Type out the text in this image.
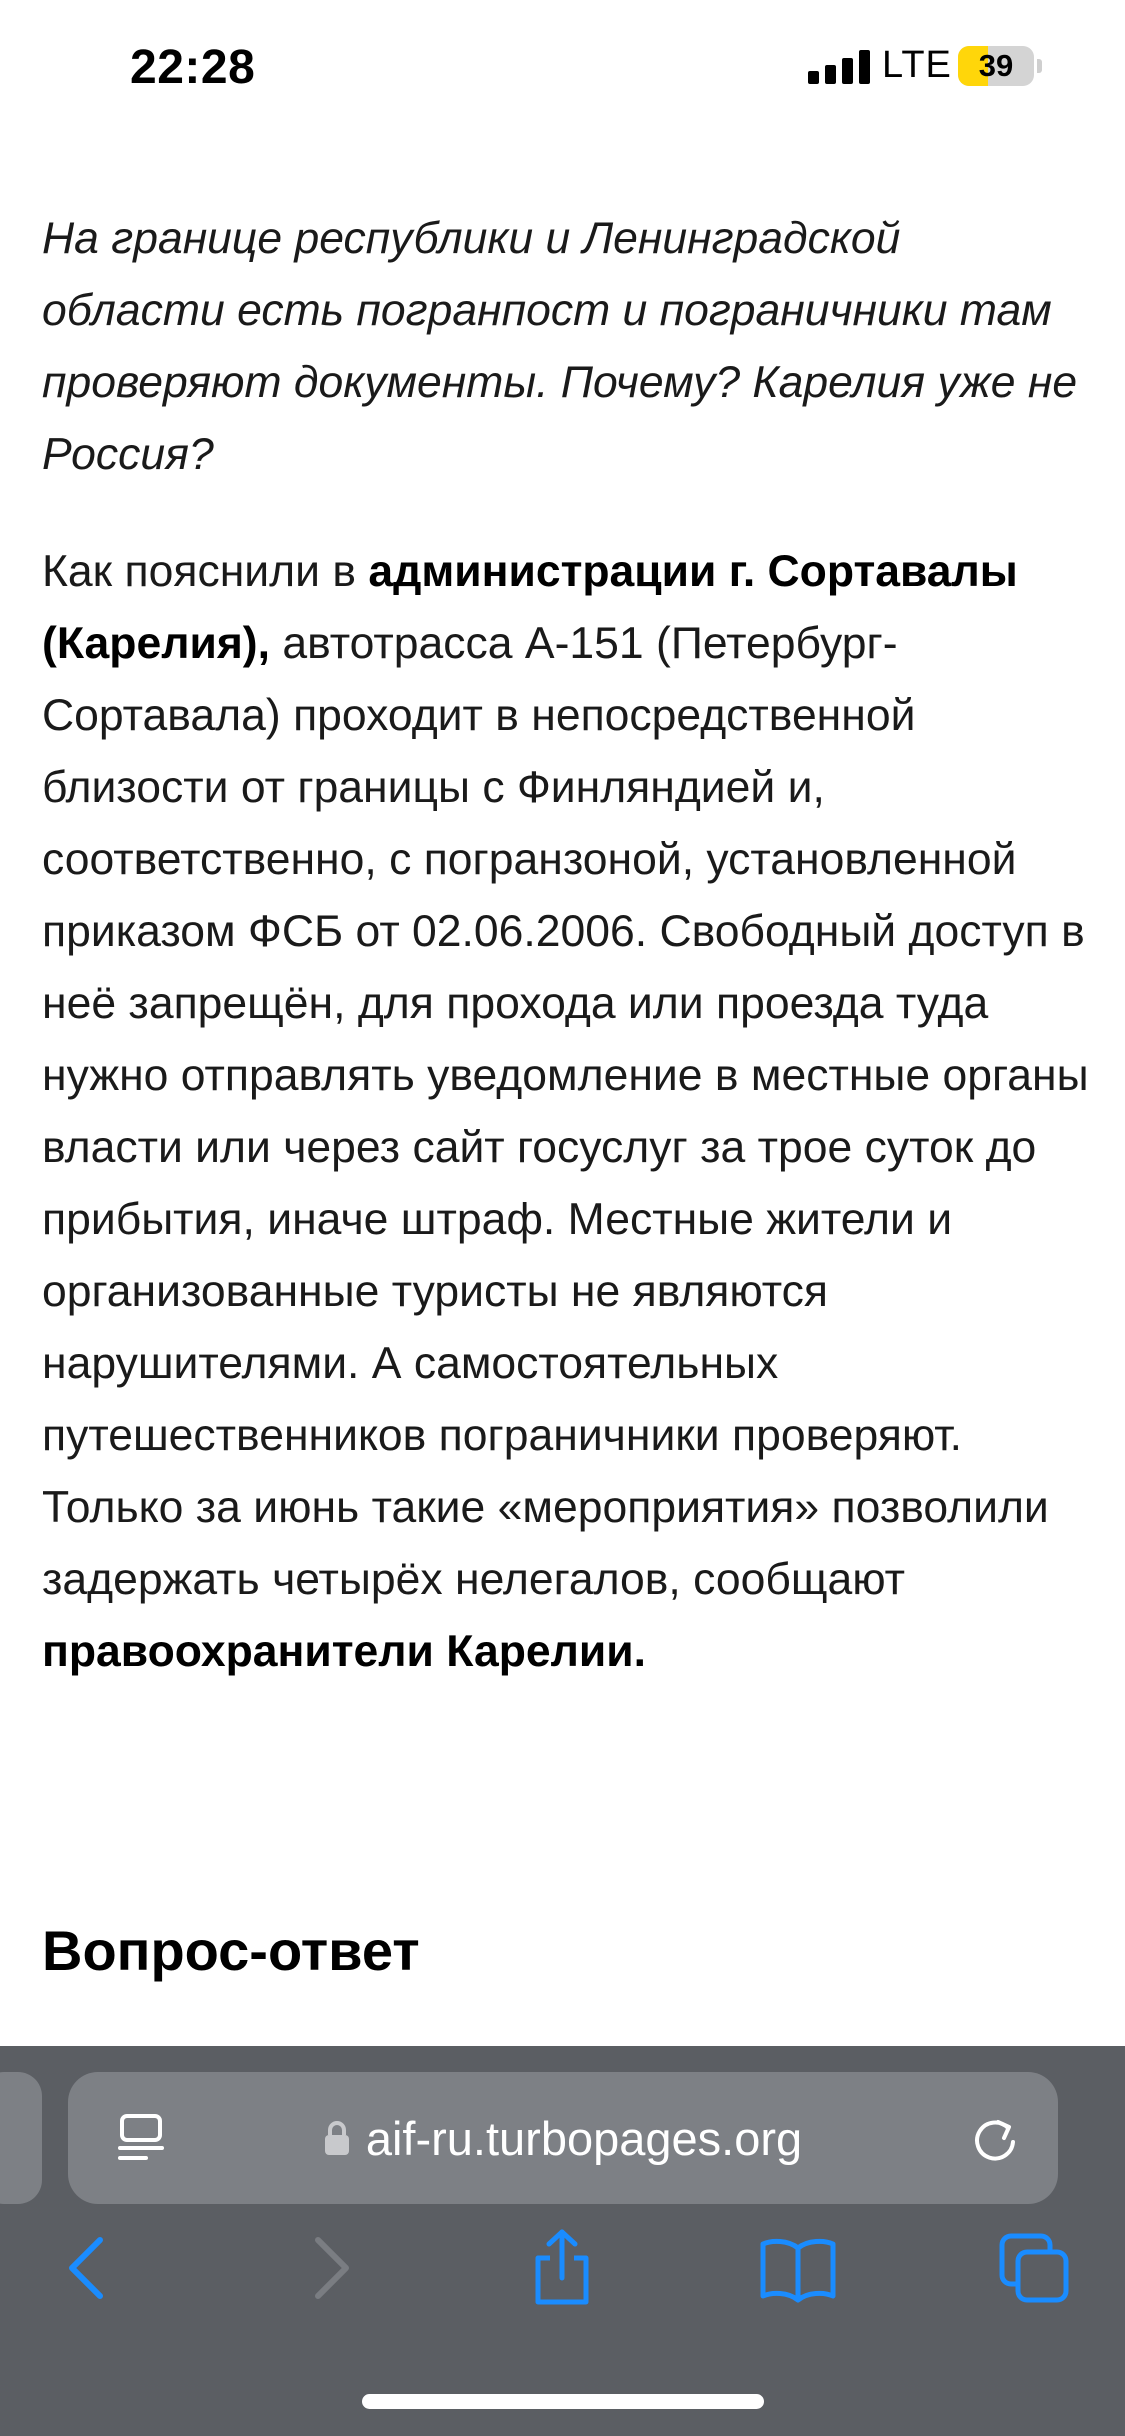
22:28	LTE 39

На границе республики и Ленинградской области есть погранпост и пограничники там проверяют документы. Почему? Карелия уже не Россия?

Как пояснили в администрации г. Сортавалы (Карелия), автотрасса А-151 (Петербург-Сортавала) проходит в непосредственной близости от границы с Финляндией и, соответственно, с погранзоной, установленной приказом ФСБ от 02.06.2006. Свободный доступ в неё запрещён, для прохода или проезда туда нужно отправлять уведомление в местные органы власти или через сайт госуслуг за трое суток до прибытия, иначе штраф. Местные жители и организованные туристы не являются нарушителями. А самостоятельных путешественников пограничники проверяют. Только за июнь такие «мероприятия» позволили задержать четырёх нелегалов, сообщают правоохранители Карелии.

Вопрос-ответ
aif-ru.turbopages.org
